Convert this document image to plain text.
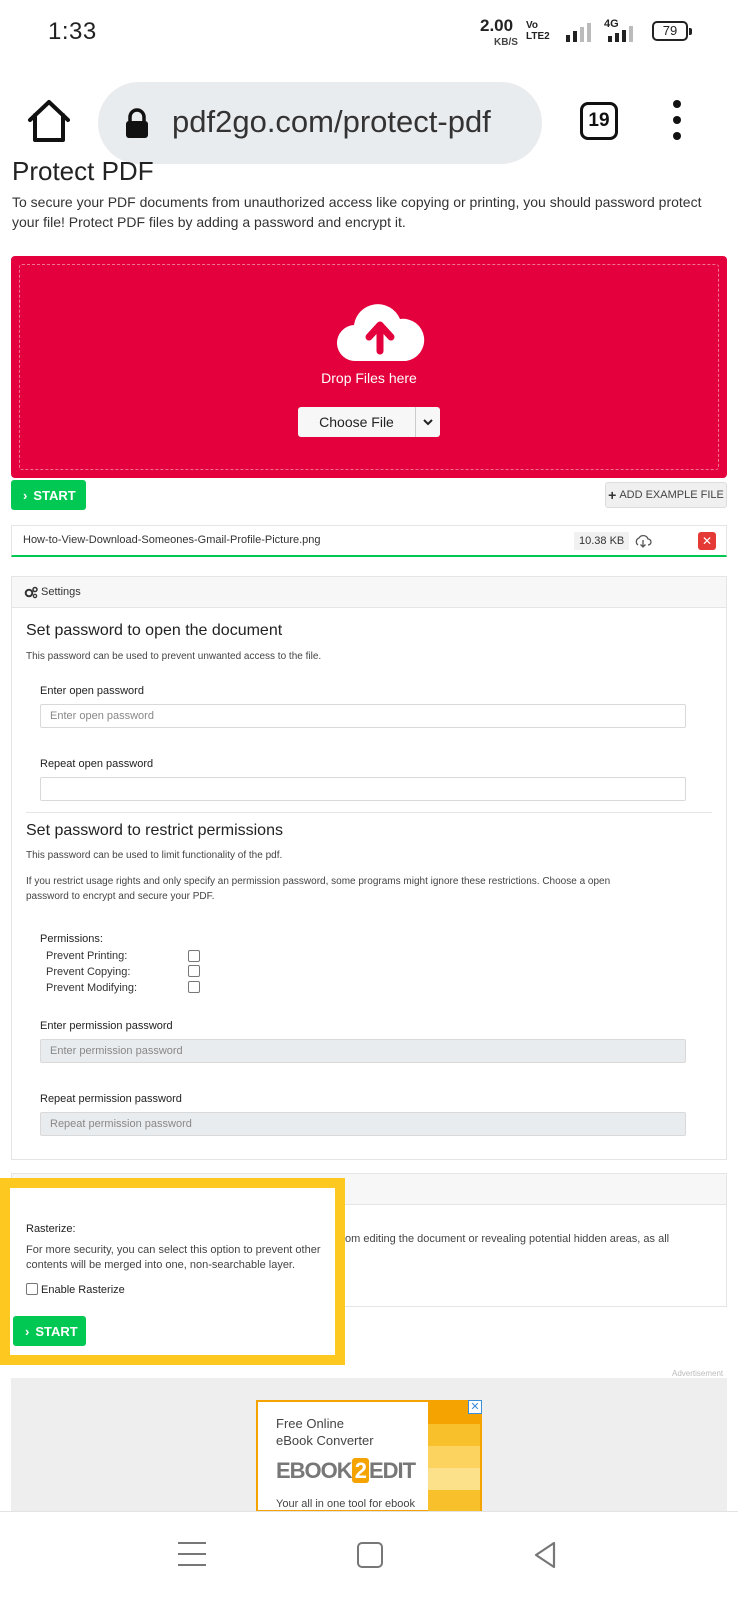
1:33	2.00
KB/S
Vo
LTE2
4G	79
pdf2go.com/protect-pdf	19
Protect PDF
To secure your PDF documents from unauthorized access like copying or printing, you should password protect your file! Protect PDF files by adding a password and encrypt it.
Drop Files here
Choose File
› START	+ ADD EXAMPLE FILE
How-to-View-Download-Someones-Gmail-Profile-Picture.png	10.38 KB	✕
Settings
Set password to open the document
This password can be used to prevent unwanted access to the file.
Enter open password
Enter open password
Repeat open password
Set password to restrict permissions
This password can be used to limit functionality of the pdf.
If you restrict usage rights and only specify an permission password, some programs might ignore these restrictions. Choose a open
password to encrypt and secure your PDF.
Permissions:
Prevent Printing:
Prevent Copying:
Prevent Modifying:
Enter permission password
Enter permission password
Repeat permission password
Repeat permission password
om editing the document or revealing potential hidden areas, as all
Rasterize:
For more security, you can select this option to prevent other
contents will be merged into one, non-searchable layer.
Enable Rasterize
› START
Advertisement
Free Online
eBook Converter
EBOOK 2 EDIT
Your all in one tool for ebook
✕
